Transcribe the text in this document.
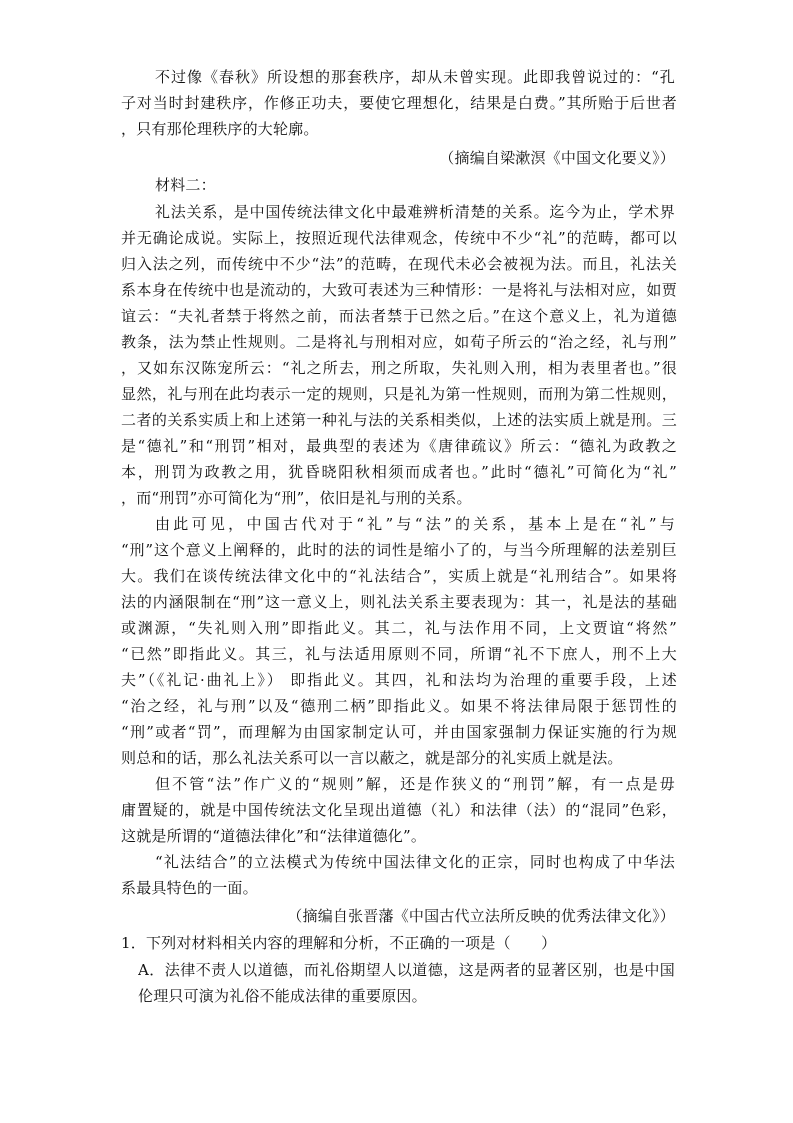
不过像《春秋》所设想的那套秩序，却从未曾实现。此即我曾说过的：“孔
子对当时封建秩序，作修正功夫，要使它理想化，结果是白费。”其所贻于后世者
，只有那伦理秩序的大轮廓。
（摘编自梁漱溟《中国文化要义》）
材料二：
礼法关系，是中国传统法律文化中最难辨析清楚的关系。迄今为止，学术界
并无确论成说。实际上，按照近现代法律观念，传统中不少“礼”的范畴，都可以
归入法之列，而传统中不少“法”的范畴，在现代未必会被视为法。而且，礼法关
系本身在传统中也是流动的，大致可表述为三种情形：一是将礼与法相对应，如贾
谊云：“夫礼者禁于将然之前，而法者禁于已然之后。”在这个意义上，礼为道德
教条，法为禁止性规则。二是将礼与刑相对应，如荀子所云的“治之经，礼与刑”
，又如东汉陈宠所云：“礼之所去，刑之所取，失礼则入刑，相为表里者也。”很
显然，礼与刑在此均表示一定的规则，只是礼为第一性规则，而刑为第二性规则，
二者的关系实质上和上述第一种礼与法的关系相类似，上述的法实质上就是刑。三
是“德礼”和“刑罚”相对，最典型的表述为《唐律疏议》所云：“德礼为政教之
本，刑罚为政教之用，犹昏晓阳秋相须而成者也。”此时“德礼”可简化为“礼”
，而“刑罚”亦可简化为“刑”，依旧是礼与刑的关系。
由此可见，中国古代对于“礼”与“法”的关系，基本上是在“礼”与
“刑”这个意义上阐释的，此时的法的词性是缩小了的，与当今所理解的法差别巨
大。我们在谈传统法律文化中的“礼法结合”，实质上就是“礼刑结合”。如果将
法的内涵限制在“刑”这一意义上，则礼法关系主要表现为：其一，礼是法的基础
或渊源，“失礼则入刑”即指此义。其二，礼与法作用不同，上文贾谊“将然”
“已然”即指此义。其三，礼与法适用原则不同，所谓“礼不下庶人，刑不上大
夫”（《礼记·曲礼上》） 即指此义。其四，礼和法均为治理的重要手段，上述
“治之经，礼与刑”以及“德刑二柄”即指此义。如果不将法律局限于惩罚性的
“刑”或者“罚”，而理解为由国家制定认可，并由国家强制力保证实施的行为规
则总和的话，那么礼法关系可以一言以蔽之，就是部分的礼实质上就是法。
但不管“法”作广义的“规则”解，还是作狭义的“刑罚”解，有一点是毋
庸置疑的，就是中国传统法文化呈现出道德（礼）和法律（法）的“混同”色彩，
这就是所谓的“道德法律化”和“法律道德化”。
“礼法结合”的立法模式为传统中国法律文化的正宗，同时也构成了中华法
系最具特色的一面。
（摘编自张晋藩《中国古代立法所反映的优秀法律文化》）
1．下列对材料相关内容的理解和分析，不正确的一项是（　　）
A．法律不责人以道德，而礼俗期望人以道德，这是两者的显著区别，也是中国
伦理只可演为礼俗不能成法律的重要原因。
